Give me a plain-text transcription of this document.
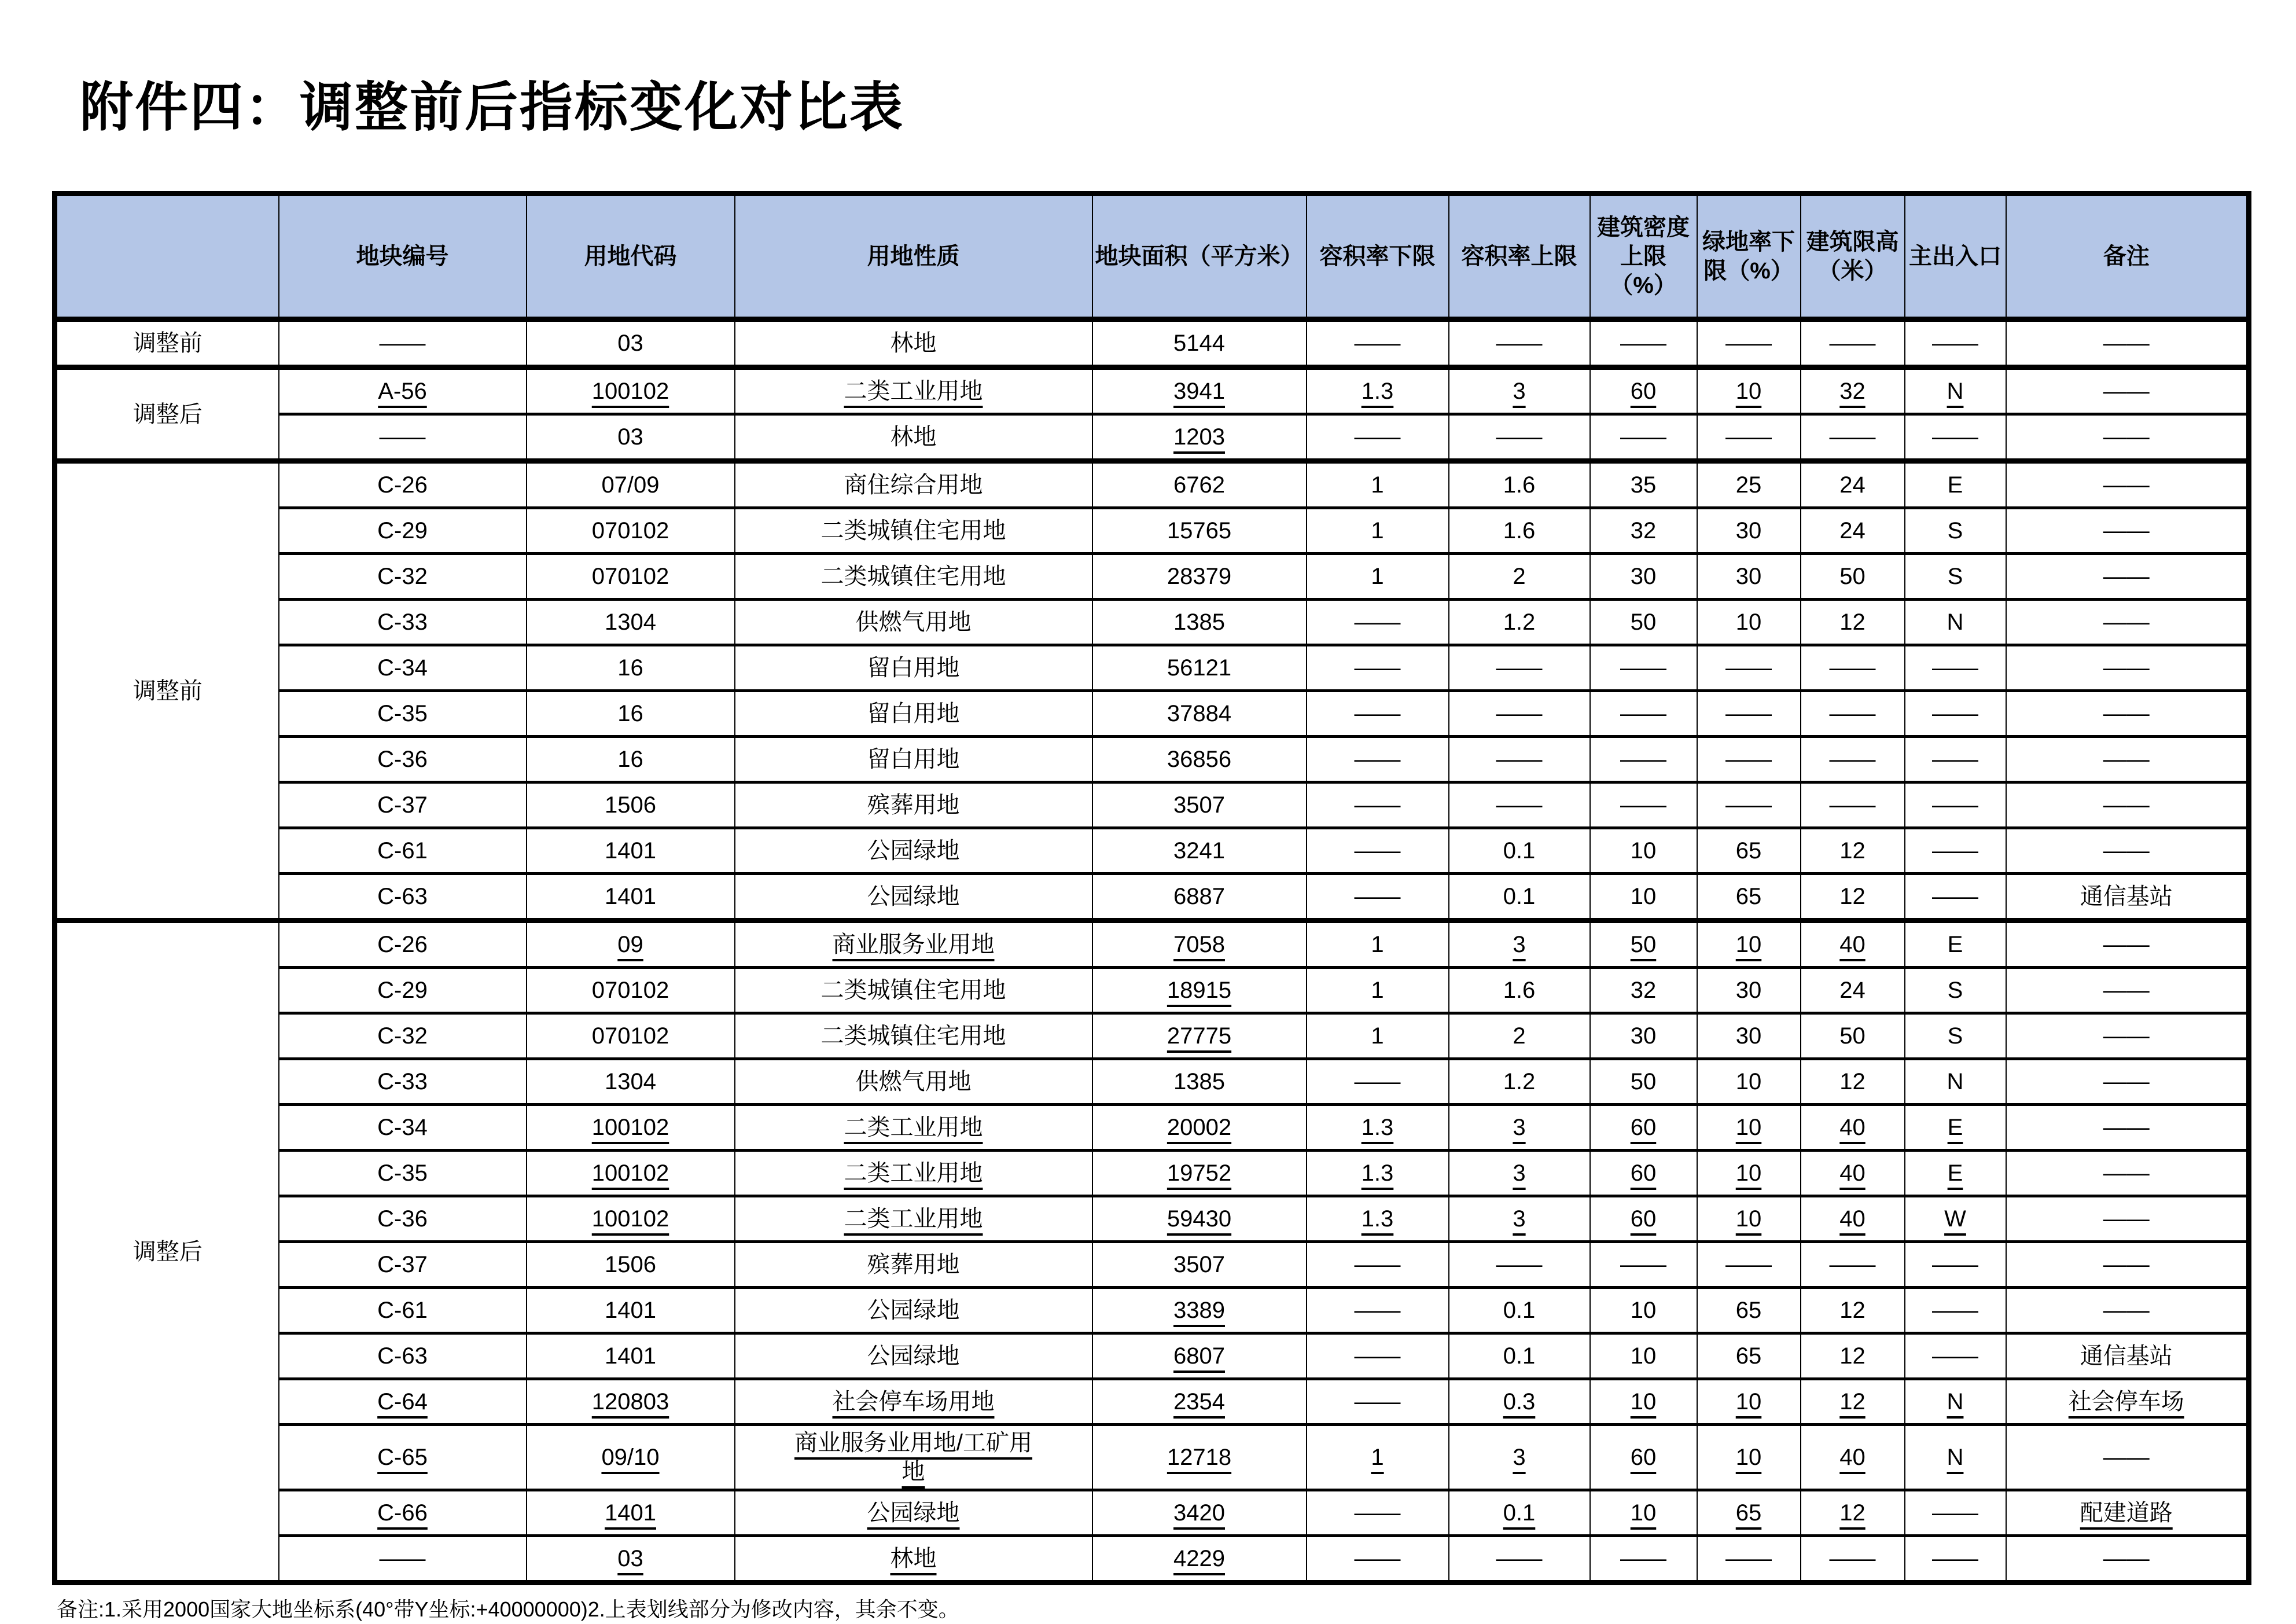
附件四：调整前后指标变化对比表
	地块编号	用地代码	用地性质	地块面积（平方米）	容积率下限	容积率上限	建筑密度上限（%）	绿地率下限（%）	建筑限高（米）	主出入口	备注
调整前	——	03	林地	5144	——	——	——	——	——	——	——
调整后	A-56	100102	二类工业用地	3941	1.3	3	60	10	32	N	——
	——	03	林地	1203	——	——	——	——	——	——	——
调整前	C-26	07/09	商住综合用地	6762	1	1.6	35	25	24	E	——
	C-29	070102	二类城镇住宅用地	15765	1	1.6	32	30	24	S	——
	C-32	070102	二类城镇住宅用地	28379	1	2	30	30	50	S	——
	C-33	1304	供燃气用地	1385	——	1.2	50	10	12	N	——
	C-34	16	留白用地	56121	——	——	——	——	——	——	——
	C-35	16	留白用地	37884	——	——	——	——	——	——	——
	C-36	16	留白用地	36856	——	——	——	——	——	——	——
	C-37	1506	殡葬用地	3507	——	——	——	——	——	——	——
	C-61	1401	公园绿地	3241	——	0.1	10	65	12	——	——
	C-63	1401	公园绿地	6887	——	0.1	10	65	12	——	通信基站
调整后	C-26	09	商业服务业用地	7058	1	3	50	10	40	E	——
	C-29	070102	二类城镇住宅用地	18915	1	1.6	32	30	24	S	——
	C-32	070102	二类城镇住宅用地	27775	1	2	30	30	50	S	——
	C-33	1304	供燃气用地	1385	——	1.2	50	10	12	N	——
	C-34	100102	二类工业用地	20002	1.3	3	60	10	40	E	——
	C-35	100102	二类工业用地	19752	1.3	3	60	10	40	E	——
	C-36	100102	二类工业用地	59430	1.3	3	60	10	40	W	——
	C-37	1506	殡葬用地	3507	——	——	——	——	——	——	——
	C-61	1401	公园绿地	3389	——	0.1	10	65	12	——	——
	C-63	1401	公园绿地	6807	——	0.1	10	65	12	——	通信基站
	C-64	120803	社会停车场用地	2354	——	0.3	10	10	12	N	社会停车场
	C-65	09/10	商业服务业用地/工矿用
地	12718	1	3	60	10	40	N	——
	C-66	1401	公园绿地	3420	——	0.1	10	65	12	——	配建道路
	——	03	林地	4229	——	——	——	——	——	——	——
备注:1.采用2000国家大地坐标系(40°带Y坐标:+40000000)2.上表划线部分为修改内容，其余不变。
